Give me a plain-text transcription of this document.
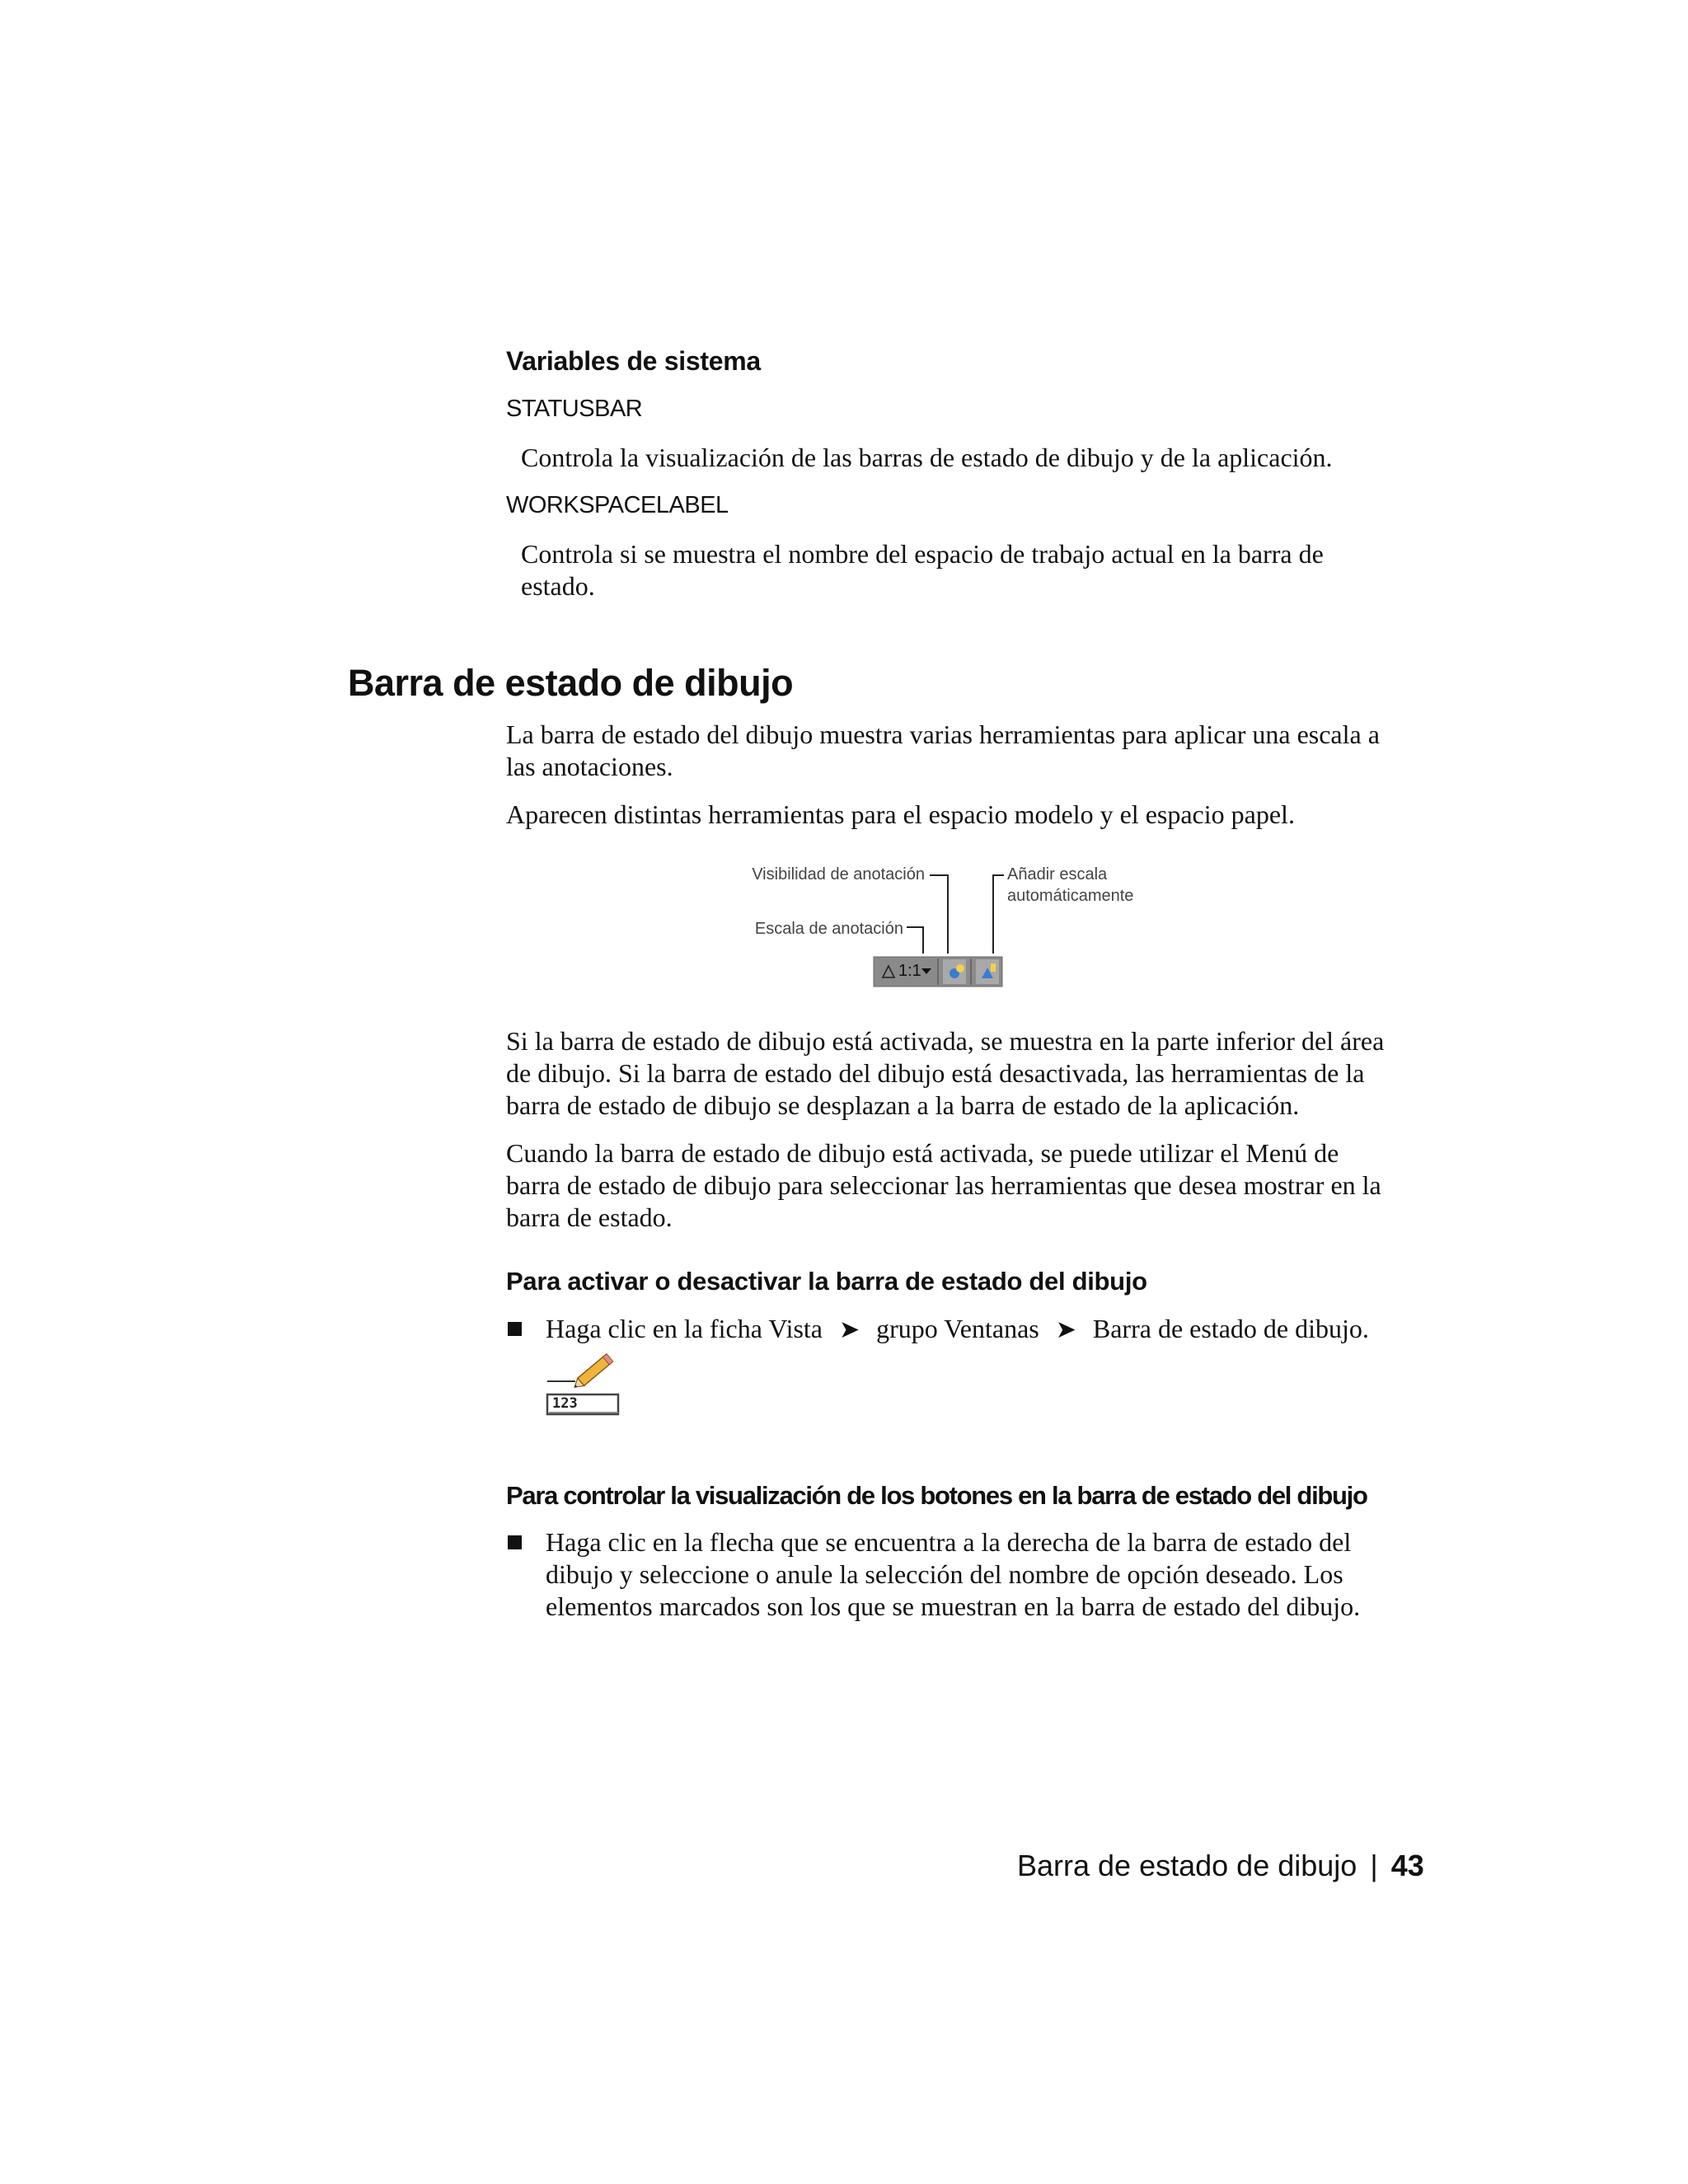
Variables de sistema
STATUSBAR
Controla la visualización de las barras de estado de dibujo y de la aplicación.
WORKSPACELABEL
Controla si se muestra el nombre del espacio de trabajo actual en la barra de estado.
Barra de estado de dibujo
La barra de estado del dibujo muestra varias herramientas para aplicar una escala a las anotaciones.
Aparecen distintas herramientas para el espacio modelo y el espacio papel.
Visibilidad de anotación
Escala de anotación
Añadir escala automáticamente
1:1
Si la barra de estado de dibujo está activada, se muestra en la parte inferior del área de dibujo. Si la barra de estado del dibujo está desactivada, las herramientas de la barra de estado de dibujo se desplazan a la barra de estado de la aplicación.
Cuando la barra de estado de dibujo está activada, se puede utilizar el Menú de barra de estado de dibujo para seleccionar las herramientas que desea mostrar en la barra de estado.
Para activar o desactivar la barra de estado del dibujo
Haga clic en la ficha Vista ➤ grupo Ventanas ➤ Barra de estado de dibujo.
123
Para controlar la visualización de los botones en la barra de estado del dibujo
Haga clic en la flecha que se encuentra a la derecha de la barra de estado del dibujo y seleccione o anule la selección del nombre de opción deseado. Los elementos marcados son los que se muestran en la barra de estado del dibujo.
Barra de estado de dibujo | 43
